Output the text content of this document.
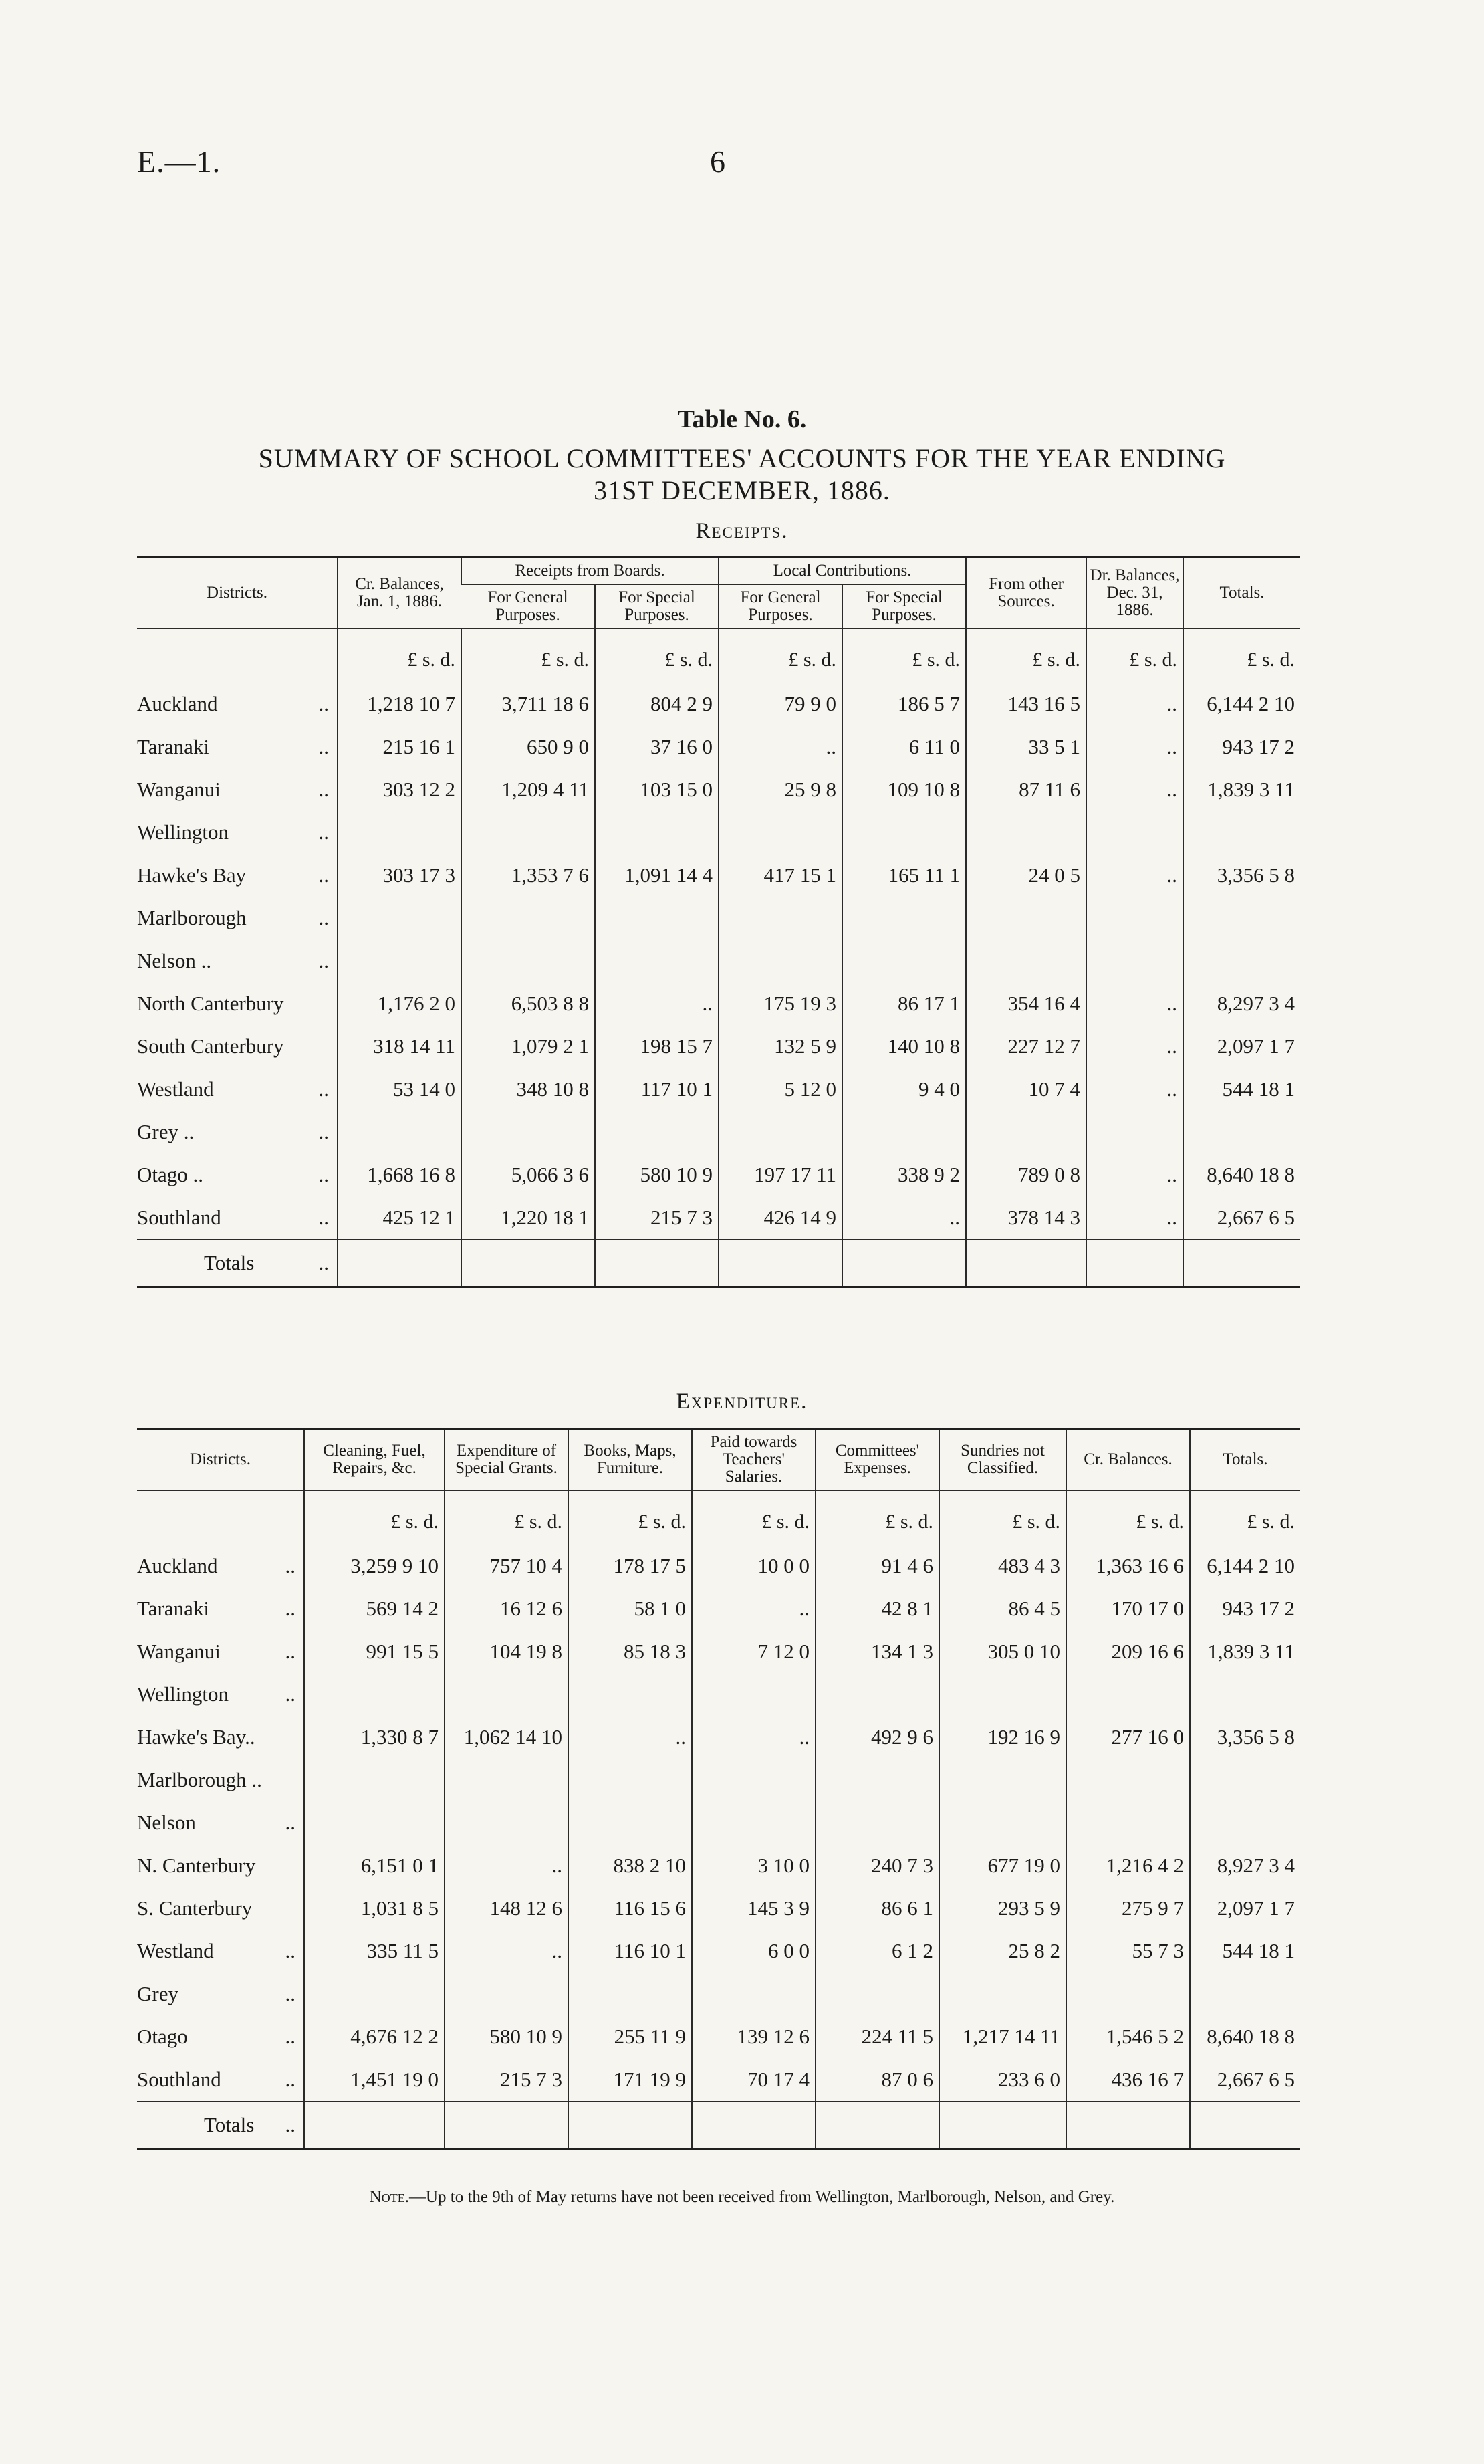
E.—1.	6
Table No. 6.
SUMMARY OF SCHOOL COMMITTEES' ACCOUNTS FOR THE YEAR ENDING
31ST DECEMBER, 1886.
Receipts.
Districts.	Cr. Balances, Jan. 1, 1886.	Receipts from Boards.		Local Contributions.		From other Sources.	Dr. Balances, Dec. 31, 1886.	Totals.
		For General Purposes.	For Special Purposes.	For General Purposes.	For Special Purposes.			
	£ s. d.	£ s. d.	£ s. d.	£ s. d.	£ s. d.	£ s. d.	£ s. d.	£ s. d.
Auckland ..	1,218 10 7	3,711 18 6	804 2 9	79 9 0	186 5 7	143 16 5	..	6,144 2 10
Taranaki ..	215 16 1	650 9 0	37 16 0	..	6 11 0	33 5 1	..	943 17 2
Wanganui ..	303 12 2	1,209 4 11	103 15 0	25 9 8	109 10 8	87 11 6	..	1,839 3 11
Wellington ..								

Hawke's Bay ..	303 17 3	1,353 7 6	1,091 14 4	417 15 1	165 11 1	24 0 5	..	3,356 5 8
Marlborough ..								

Nelson .. ..								

North Canterbury	1,176 2 0	6,503 8 8	..	175 19 3	86 17 1	354 16 4	..	8,297 3 4
South Canterbury	318 14 11	1,079 2 1	198 15 7	132 5 9	140 10 8	227 12 7	..	2,097 1 7
Westland ..	53 14 0	348 10 8	117 10 1	5 12 0	9 4 0	10 7 4	..	544 18 1
Grey .. ..								

Otago .. ..	1,668 16 8	5,066 3 6	580 10 9	197 17 11	338 9 2	789 0 8	..	8,640 18 8
Southland ..	425 12 1	1,220 18 1	215 7 3	426 14 9	..	378 14 3	..	2,667 6 5
Totals ..								

Expenditure.
Districts.	Cleaning, Fuel, Repairs, &c.	Expenditure of Special Grants.	Books, Maps, Furniture.	Paid towards Teachers' Salaries.	Committees' Expenses.	Sundries not Classified.	Cr. Balances.	Totals.
	£ s. d.	£ s. d.	£ s. d.	£ s. d.	£ s. d.	£ s. d.	£ s. d.	£ s. d.
Auckland ..	3,259 9 10	757 10 4	178 17 5	10 0 0	91 4 6	483 4 3	1,363 16 6	6,144 2 10
Taranaki ..	569 14 2	16 12 6	58 1 0	..	42 8 1	86 4 5	170 17 0	943 17 2
Wanganui ..	991 15 5	104 19 8	85 18 3	7 12 0	134 1 3	305 0 10	209 16 6	1,839 3 11
Wellington ..								

Hawke's Bay..	1,330 8 7	1,062 14 10	..	..	492 9 6	192 16 9	277 16 0	3,356 5 8
Marlborough ..

Nelson ..								

N. Canterbury	6,151 0 1	..	838 2 10	3 10 0	240 7 3	677 19 0	1,216 4 2	8,927 3 4
S. Canterbury	1,031 8 5	148 12 6	116 15 6	145 3 9	86 6 1	293 5 9	275 9 7	2,097 1 7
Westland ..	335 11 5	..	116 10 1	6 0 0	6 1 2	25 8 2	55 7 3	544 18 1
Grey ..								

Otago ..	4,676 12 2	580 10 9	255 11 9	139 12 6	224 11 5	1,217 14 11	1,546 5 2	8,640 18 8
Southland ..	1,451 19 0	215 7 3	171 19 9	70 17 4	87 0 6	233 6 0	436 16 7	2,667 6 5
Totals ..								

Note.—Up to the 9th of May returns have not been received from Wellington, Marlborough, Nelson, and Grey.
